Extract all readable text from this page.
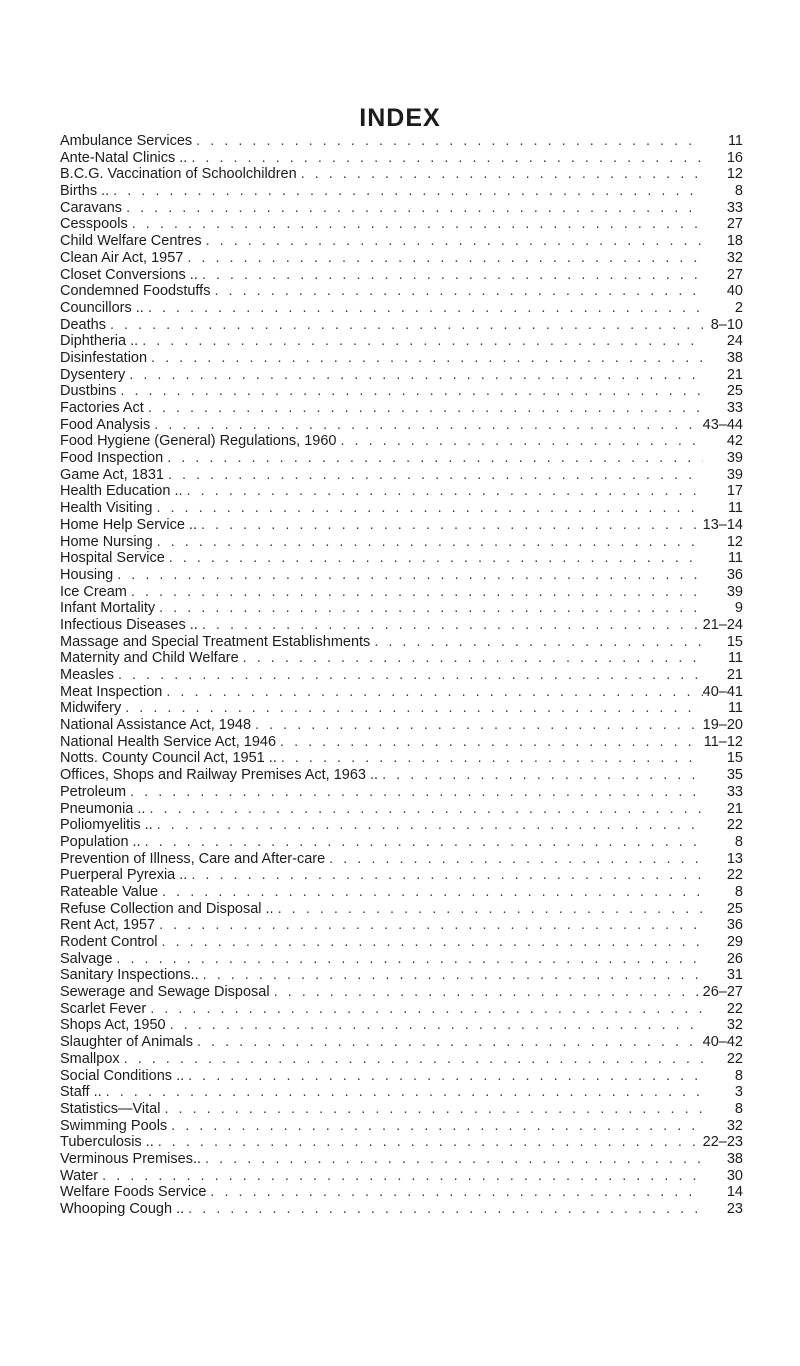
INDEX
Ambulance Services . . .	11
Ante-Natal Clinics .. . . .	16
B.C.G. Vaccination of Schoolchildren . . .	12
Births .. . . .	8
Caravans . . .	33
Cesspools . . .	27
Child Welfare Centres . . .	18
Clean Air Act, 1957 . . .	32
Closet Conversions .. . . .	27
Condemned Foodstuffs . . .	40
Councillors .. . . .	2
Deaths . . .	8–10
Diphtheria .. . . .	24
Disinfestation . . .	38
Dysentery . . .	21
Dustbins . . .	25
Factories Act . . .	33
Food Analysis . . .	43–44
Food Hygiene (General) Regulations, 1960 . . .	42
Food Inspection . . .	39
Game Act, 1831 . . .	39
Health Education .. . . .	17
Health Visiting . . .	11
Home Help Service .. . . .	13–14
Home Nursing . . .	12
Hospital Service . . .	11
Housing . . .	36
Ice Cream . . .	39
Infant Mortality . . .	9
Infectious Diseases .. . . .	21–24
Massage and Special Treatment Establishments . . .	15
Maternity and Child Welfare . . .	11
Measles . . .	21
Meat Inspection . . .	40–41
Midwifery . . .	11
National Assistance Act, 1948 . . .	19–20
National Health Service Act, 1946 . . .	11–12
Notts. County Council Act, 1951 .. . . .	15
Offices, Shops and Railway Premises Act, 1963 .. . . .	35
Petroleum . . .	33
Pneumonia .. . . .	21
Poliomyelitis .. . . .	22
Population .. . . .	8
Prevention of Illness, Care and After-care . . .	13
Puerperal Pyrexia .. . . .	22
Rateable Value . . .	8
Refuse Collection and Disposal .. . . .	25
Rent Act, 1957 . . .	36
Rodent Control . . .	29
Salvage . . .	26
Sanitary Inspections.. . . .	31
Sewerage and Sewage Disposal . . .	26–27
Scarlet Fever . . .	22
Shops Act, 1950 . . .	32
Slaughter of Animals . . .	40–42
Smallpox . . .	22
Social Conditions .. . . .	8
Staff .. . . .	3
Statistics—Vital . . .	8
Swimming Pools . . .	32
Tuberculosis .. . . .	22–23
Verminous Premises.. . . .	38
Water . . .	30
Welfare Foods Service . . .	14
Whooping Cough .. . . .	23
